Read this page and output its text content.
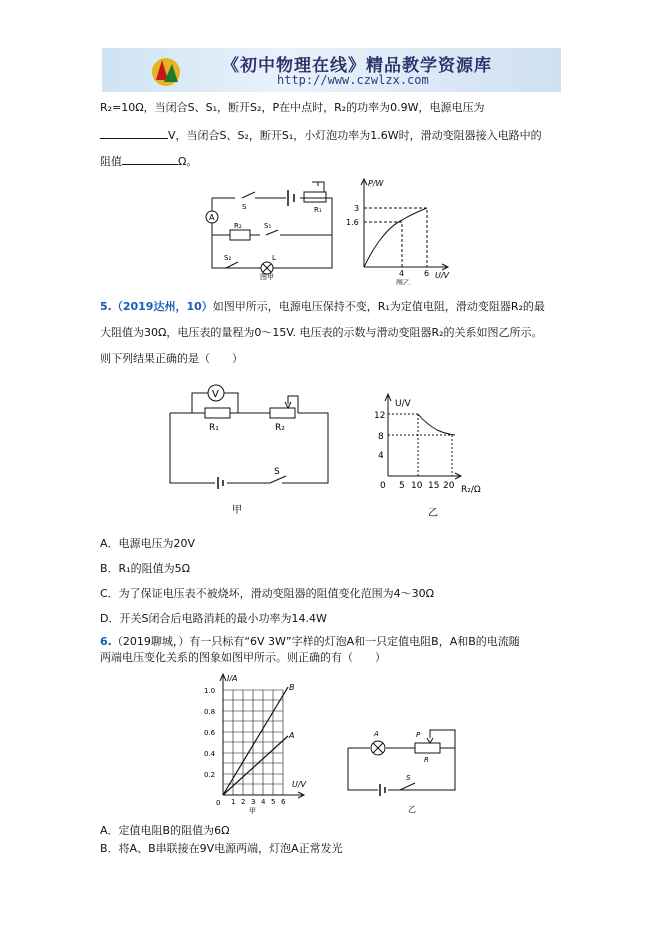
《初中物理在线》精品教学资源库
http://www.czwlzx.com
R₂=10Ω，当闭合S、S₁，断开S₂，P在中点时，R₂的功率为0.9W，电源电压为
V，当闭合S、S₂，断开S₁，小灯泡功率为1.6W时，滑动变阻器接入电路中的
阻值	Ω。
A
S	R₁
R₂	S₁
S₂	L
图甲
P/W
U/V
3
1.6
4 6
图乙
5.（2019达州，10）如图甲所示，电源电压保持不变，R₁为定值电阻，滑动变阻器R₂的最
大阻值为30Ω，电压表的量程为0～15V. 电压表的示数与滑动变阻器R₂的关系如图乙所示。
则下列结果正确的是（　　）
V
R₁	R₂
S
甲
U/V
R₂/Ω
0
12
8
4
5 10 15 20
乙
A．电源电压为20V
B．R₁的阻值为5Ω
C．为了保证电压表不被烧坏，滑动变阻器的阻值变化范围为4～30Ω
D．开关S闭合后电路消耗的最小功率为14.4W
6.（2019聊城，）有一只标有“6V 3W”字样的灯泡A和一只定值电阻B，A和B的电流随
两端电压变化关系的图象如图甲所示。则正确的有（　　）
I/A
U/V
B
A
0
1.0
0.8
0.6
0.4
0.2
1 2 3 4 5 6
甲
A	P
R
S
乙
A．定值电阻B的阻值为6Ω
B．将A、B串联接在9V电源两端，灯泡A正常发光
